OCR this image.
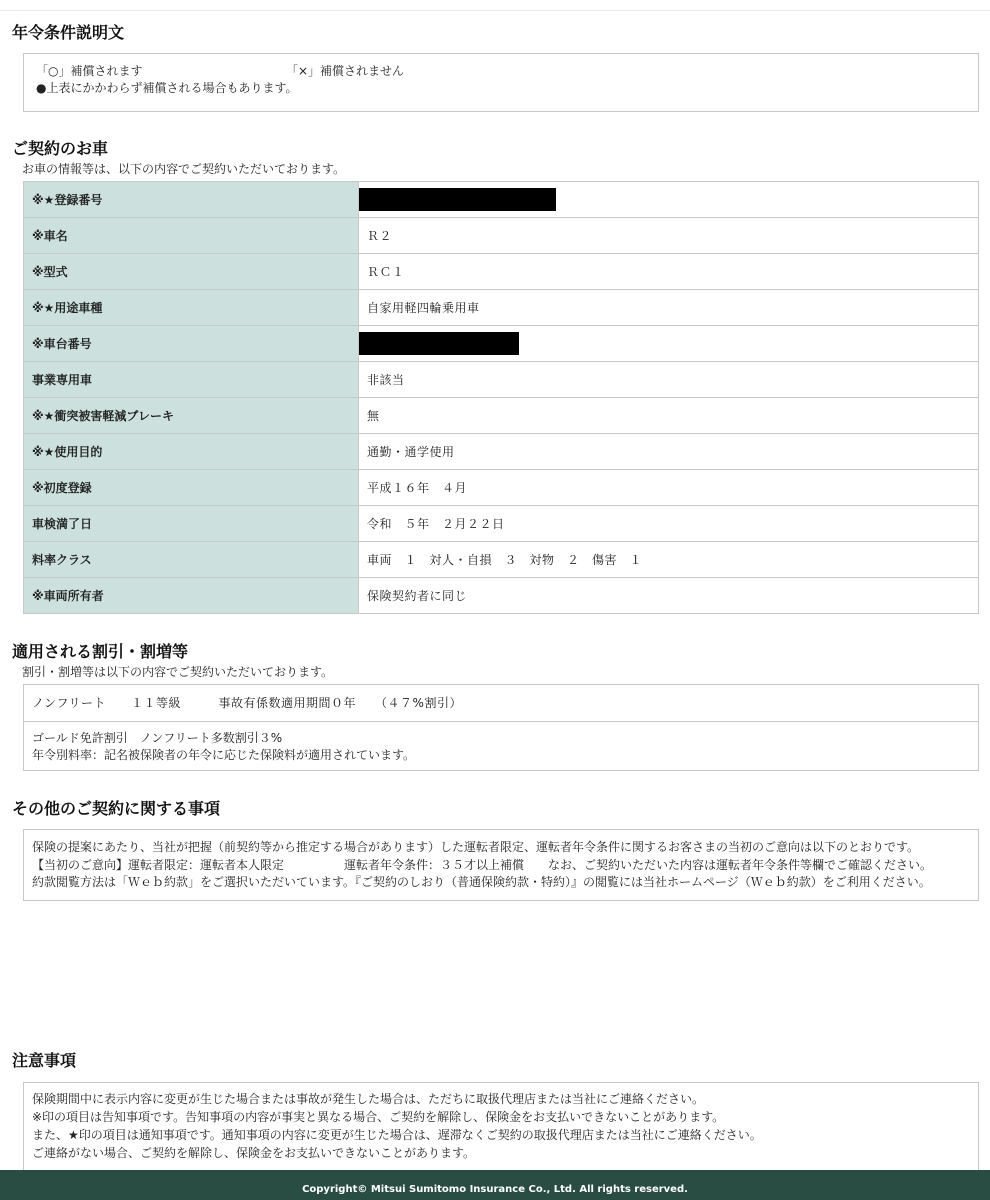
年令条件説明文
「○」補償されます	「×」補償されません
●上表にかかわらず補償される場合もあります。
ご契約のお車
お車の情報等は、以下の内容でご契約いただいております。
※★登録番号	
※車名	Ｒ２
※型式	ＲＣ１
※★用途車種	自家用軽四輪乗用車
※車台番号	
事業専用車	非該当
※★衝突被害軽減ブレーキ	無
※★使用目的	通勤・通学使用
※初度登録	平成１６年　４月
車検満了日	令和　５年　２月２２日
料率クラス	車両　１　対人・自損　３　対物　２　傷害　１
※車両所有者	保険契約者に同じ
適用される割引・割増等
割引・割増等は以下の内容でご契約いただいております。
ノンフリート　　１１等級　　　事故有係数適用期間０年　　（４７%割引）
ゴールド免許割引　ノンフリート多数割引３%
年令別料率：記名被保険者の年令に応じた保険料が適用されています。
その他のご契約に関する事項
保険の提案にあたり、当社が把握（前契約等から推定する場合があります）した運転者限定、運転者年令条件に関するお客さまの当初のご意向は以下のとおりです。
【当初のご意向】運転者限定：運転者本人限定　　　　　運転者年令条件：３５才以上補償　　なお、ご契約いただいた内容は運転者年令条件等欄でご確認ください。
約款閲覧方法は「Ｗｅｂ約款」をご選択いただいています。『ご契約のしおり（普通保険約款・特約）』の閲覧には当社ホームページ（Ｗｅｂ約款）をご利用ください。
注意事項
保険期間中に表示内容に変更が生じた場合または事故が発生した場合は、ただちに取扱代理店または当社にご連絡ください。
※印の項目は告知事項です。告知事項の内容が事実と異なる場合、ご契約を解除し、保険金をお支払いできないことがあります。
また、★印の項目は通知事項です。通知事項の内容に変更が生じた場合は、遅滞なくご契約の取扱代理店または当社にご連絡ください。
ご連絡がない場合、ご契約を解除し、保険金をお支払いできないことがあります。
Copyright© Mitsui Sumitomo Insurance Co., Ltd. All rights reserved.
